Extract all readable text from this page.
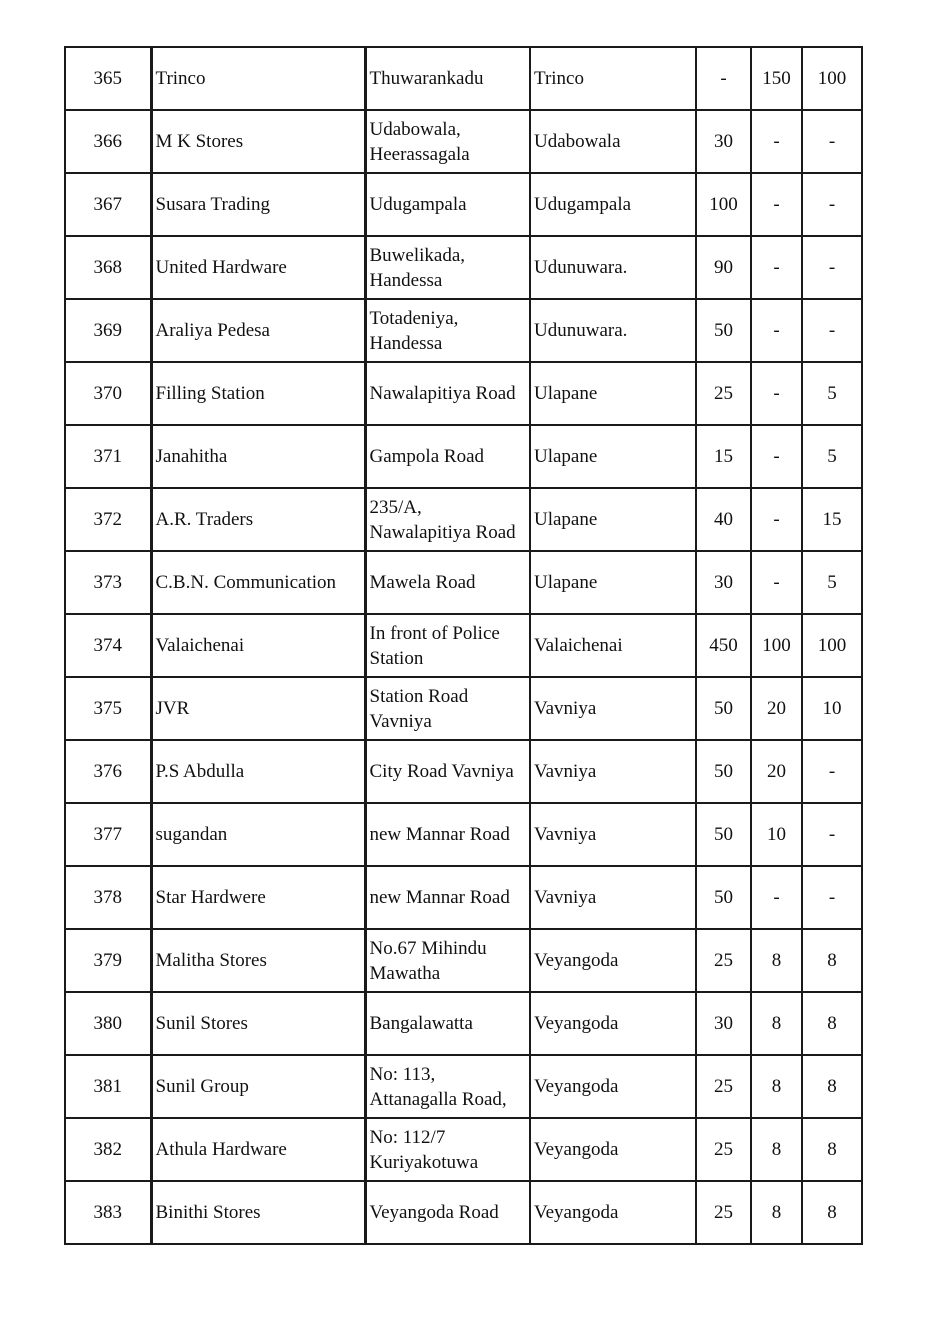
365	Trinco	Thuwarankadu	Trinco	-	150	100
366	M K Stores	Udabowala,
Heerassagala	Udabowala	30	-	-
367	Susara Trading	Udugampala	Udugampala	100	-	-
368	United Hardware	Buwelikada,
Handessa	Udunuwara.	90	-	-
369	Araliya Pedesa	Totadeniya,
Handessa	Udunuwara.	50	-	-
370	Filling Station	Nawalapitiya Road	Ulapane	25	-	5
371	Janahitha	Gampola Road	Ulapane	15	-	5
372	A.R. Traders	235/A,
Nawalapitiya Road	Ulapane	40	-	15
373	C.B.N. Communication	Mawela Road	Ulapane	30	-	5
374	Valaichenai	In front of Police
Station	Valaichenai	450	100	100
375	JVR	Station Road
Vavniya	Vavniya	50	20	10
376	P.S Abdulla	City Road Vavniya	Vavniya	50	20	-
377	sugandan	new Mannar Road	Vavniya	50	10	-
378	Star Hardwere	new Mannar Road	Vavniya	50	-	-
379	Malitha Stores	No.67 Mihindu
Mawatha	Veyangoda	25	8	8
380	Sunil Stores	Bangalawatta	Veyangoda	30	8	8
381	Sunil Group	No: 113,
Attanagalla Road,	Veyangoda	25	8	8
382	Athula Hardware	No: 112/7
Kuriyakotuwa	Veyangoda	25	8	8
383	Binithi Stores	Veyangoda Road	Veyangoda	25	8	8
